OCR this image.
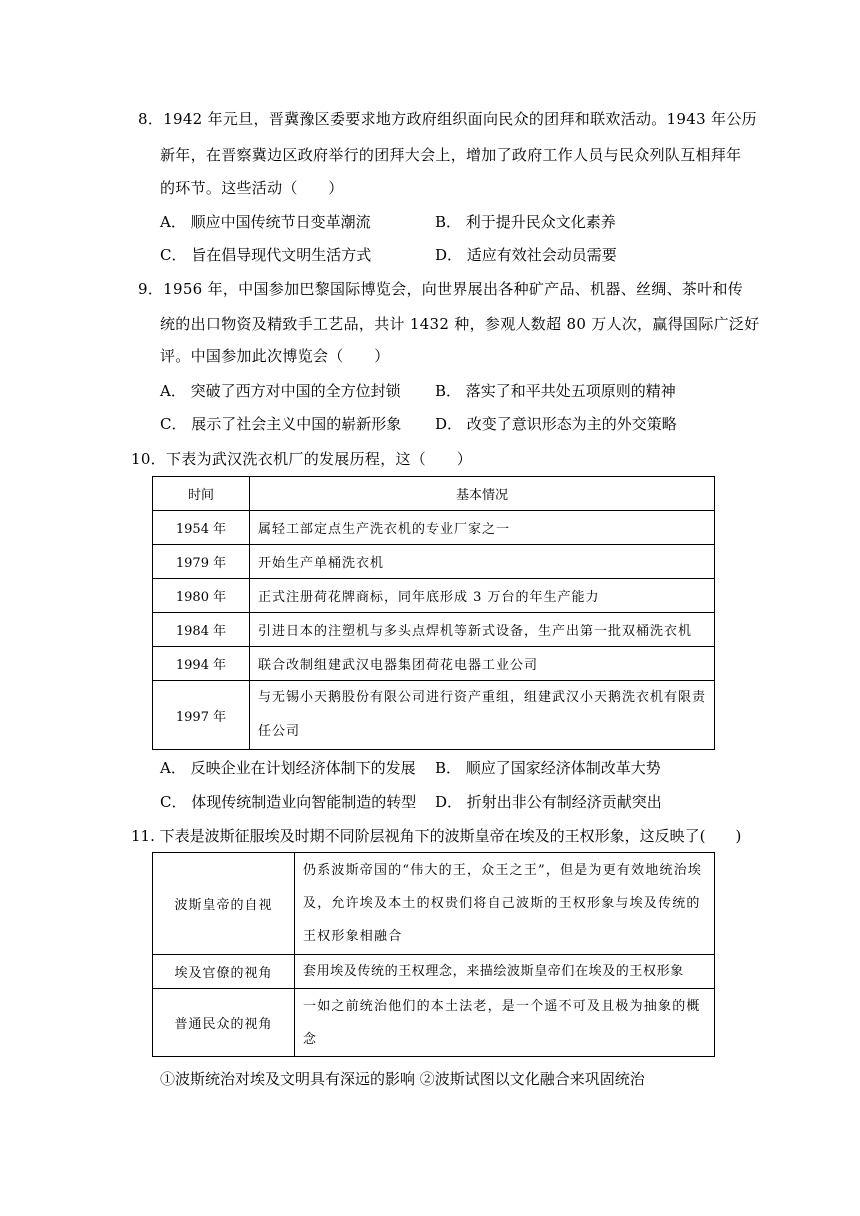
8．1942 年元旦，晋冀豫区委要求地方政府组织面向民众的团拜和联欢活动。1943 年公历
新年，在晋察冀边区政府举行的团拜大会上，增加了政府工作人员与民众列队互相拜年
的环节。这些活动（　　）
A． 顺应中国传统节日变革潮流	B． 利于提升民众文化素养
C． 旨在倡导现代文明生活方式	D． 适应有效社会动员需要
9．1956 年，中国参加巴黎国际博览会，向世界展出各种矿产品、机器、丝绸、茶叶和传
统的出口物资及精致手工艺品，共计 1432 种，参观人数超 80 万人次，赢得国际广泛好
评。中国参加此次博览会（　　）
A． 突破了西方对中国的全方位封锁 B． 落实了和平共处五项原则的精神
C． 展示了社会主义中国的崭新形象 D． 改变了意识形态为主的外交策略
10．下表为武汉洗衣机厂的发展历程，这（　　）
时间	基本情况
1954 年	属轻工部定点生产洗衣机的专业厂家之一
1979 年	开始生产单桶洗衣机
1980 年	正式注册荷花牌商标，同年底形成 3 万台的年生产能力
1984 年	引进日本的注塑机与多头点焊机等新式设备，生产出第一批双桶洗衣机
1994 年	联合改制组建武汉电器集团荷花电器工业公司
1997 年	与无锡小天鹅股份有限公司进行资产重组，组建武汉小天鹅洗衣机有限责任公司
A． 反映企业在计划经济体制下的发展 B． 顺应了国家经济体制改革大势
C． 体现传统制造业向智能制造的转型 D． 折射出非公有制经济贡献突出
11. 下表是波斯征服埃及时期不同阶层视角下的波斯皇帝在埃及的王权形象，这反映了(　　)
波斯皇帝的自视	仍系波斯帝国的“伟大的王，众王之王”，但是为更有效地统治埃及，允许埃及本土的权贵们将自己波斯的王权形象与埃及传统的王权形象相融合
埃及官僚的视角	套用埃及传统的王权理念，来描绘波斯皇帝们在埃及的王权形象
普通民众的视角	一如之前统治他们的本土法老，是一个遥不可及且极为抽象的概念
①波斯统治对埃及文明具有深远的影响 ②波斯试图以文化融合来巩固统治
